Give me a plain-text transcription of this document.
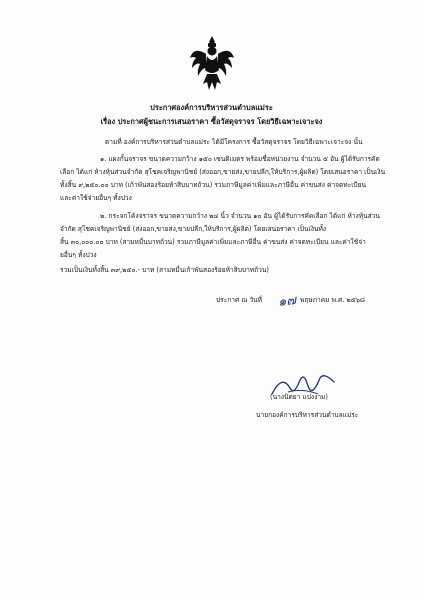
ประกาศองค์การบริหารส่วนตำบลแม่ระ
เรื่อง ประกาศผู้ชนะการเสนอราคา ซื้อวัสดุจราจร โดยวิธีเฉพาะเจาะจง
ตามที่ องค์การบริหารส่วนตำบลแม่ระ ได้มีโครงการ ซื้อวัสดุจราจร โดยวิธีเฉพาะเจาะจง นั้น
๑. แผงกั้นจราจร ขนาดความกว้าง ๑๕๐ เซนติเมตร พร้อมชื่อหน่วยงาน จำนวน ๕ อัน ผู้ได้รับการคัด
เลือก ได้แก่ ห้างหุ้นส่วนจำกัด สุโชคเจริญพานิชย์ (ส่งออก,ขายส่ง,ขายปลีก,ให้บริการ,ผู้ผลิต) โดยเสนอราคา เป็นเงิน
ทั้งสิ้น ๙,๒๕๐.๐๐ บาท (เก้าพันสองร้อยห้าสิบบาทถ้วน) รวมภาษีมูลค่าเพิ่มและภาษีอื่น ค่าขนส่ง ค่าจดทะเบียน
และค่าใช้จ่ายอื่นๆ ทั้งปวง
๒. กระจกโค้งจราจร ขนาดความกว้าง ๒๔ นิ้ว จำนวน ๑๐ อัน ผู้ได้รับการคัดเลือก ได้แก่ ห้างหุ้นส่วน
จำกัด สุโชคเจริญพานิชย์ (ส่งออก,ขายส่ง,ขายปลีก,ให้บริการ,ผู้ผลิต) โดยเสนอราคา เป็นเงินทั้ง
สิ้น ๓๐,๐๐๐.๐๐ บาท (สามหมื่นบาทถ้วน) รวมภาษีมูลค่าเพิ่มและภาษีอื่น ค่าขนส่ง ค่าจดทะเบียน และค่าใช้จ่า
ยอื่นๆ ทั้งปวง
รวมเป็นเงินทั้งสิ้น ๓๙,๒๕๐.- บาท (สามหมื่นเก้าพันสองร้อยห้าสิบบาทถ้วน)
ประกาศ ณ วันที่ ๑๗ พฤษภาคม พ.ศ. ๒๕๖๘
(นางนิตยา แปงงาม)
นายกองค์การบริหารส่วนตำบลแม่ระ
